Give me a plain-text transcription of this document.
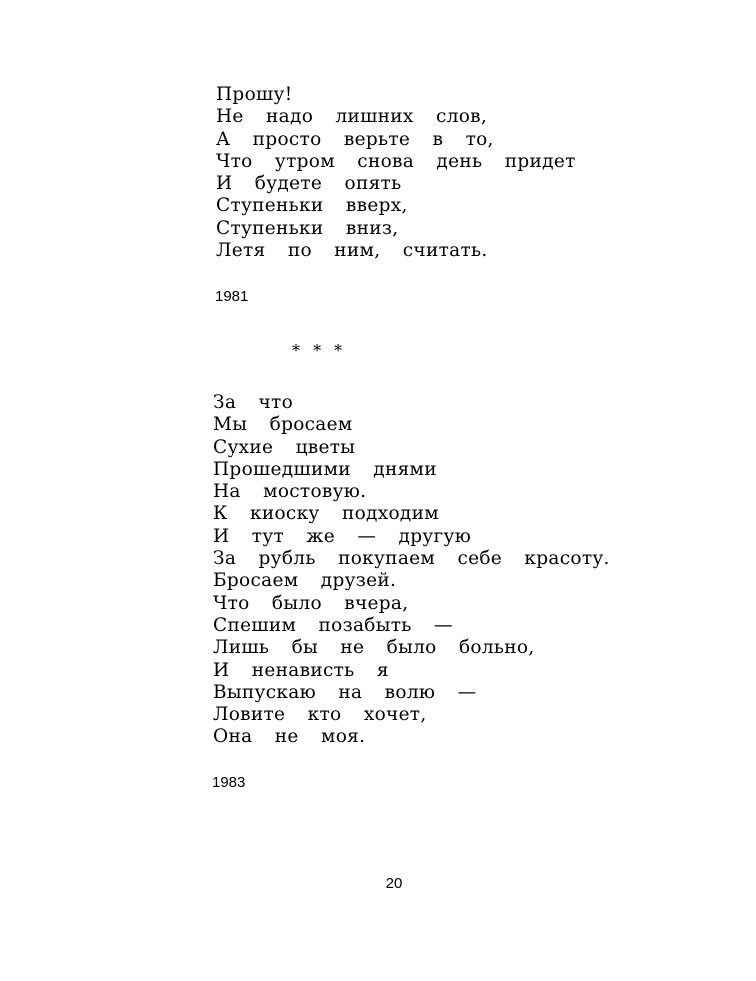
Прошу!
Не  надо  лишних  слов,
А  просто  верьте  в  то,
Что  утром  снова  день  придет
И  будете  опять
Ступеньки  вверх,
Ступеньки  вниз,
Летя  по  ним,  считать.
1981
* * *
За  что
Мы  бросаем
Сухие  цветы
Прошедшими  днями
На  мостовую.
К  киоску  подходим
И  тут  же  —  другую
За  рубль  покупаем  себе  красоту.
Бросаем  друзей.
Что  было  вчера,
Спешим  позабыть  —
Лишь  бы  не  было  больно,
И  ненависть  я
Выпускаю  на  волю  —
Ловите  кто  хочет,
Она  не  моя.
1983
20
